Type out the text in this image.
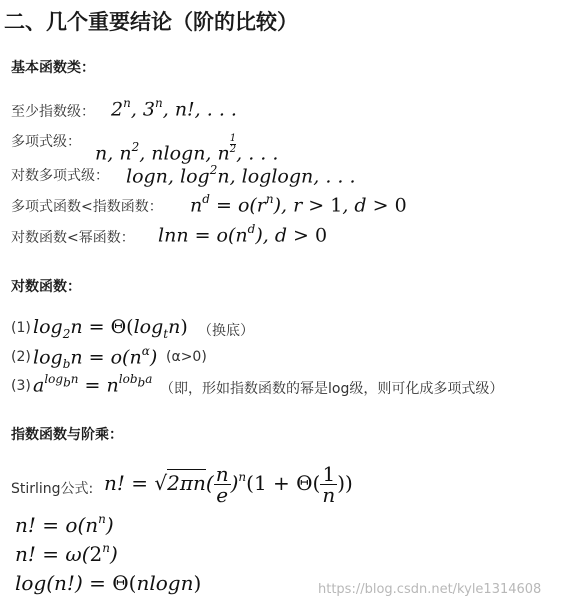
二、几个重要结论（阶的比较）
基本函数类：
至少指数级： 2$^n$, 3$^n$, n!, . . .
多项式级：
n, $n^2$, nlogn, n $\frac{1}{2}$ , . . .
对数多项式级： logn, $\log^2n$, loglogn, . . .
多项式函数<指数函数： $n^d = o(r^n)$, r > 1, d > 0
对数函数<幂函数： $\ln n = o(n^d)$, d > 0
对数函数：
(1) $\log_2n = \Theta(\log_tn)$ （换底）
(2) $\log_bn = o(n^\alpha)$ (α>0)
(3) $a^{log_bn} = n^{lob_ba}$
（即，形如指数函数的幂是log级，则可化成多项式级）
指数函数与阶乘：
Stirling公式: n! = $√2\pi n( \frac{n}{e} )^n(1 + \Theta( \frac{1}{n}$ ))
n! = $o(n^n)$
n! = $\omega(2^n)$
log(n!) = Θ(nlogn)	https://blog.csdn.net/kyle1314608
